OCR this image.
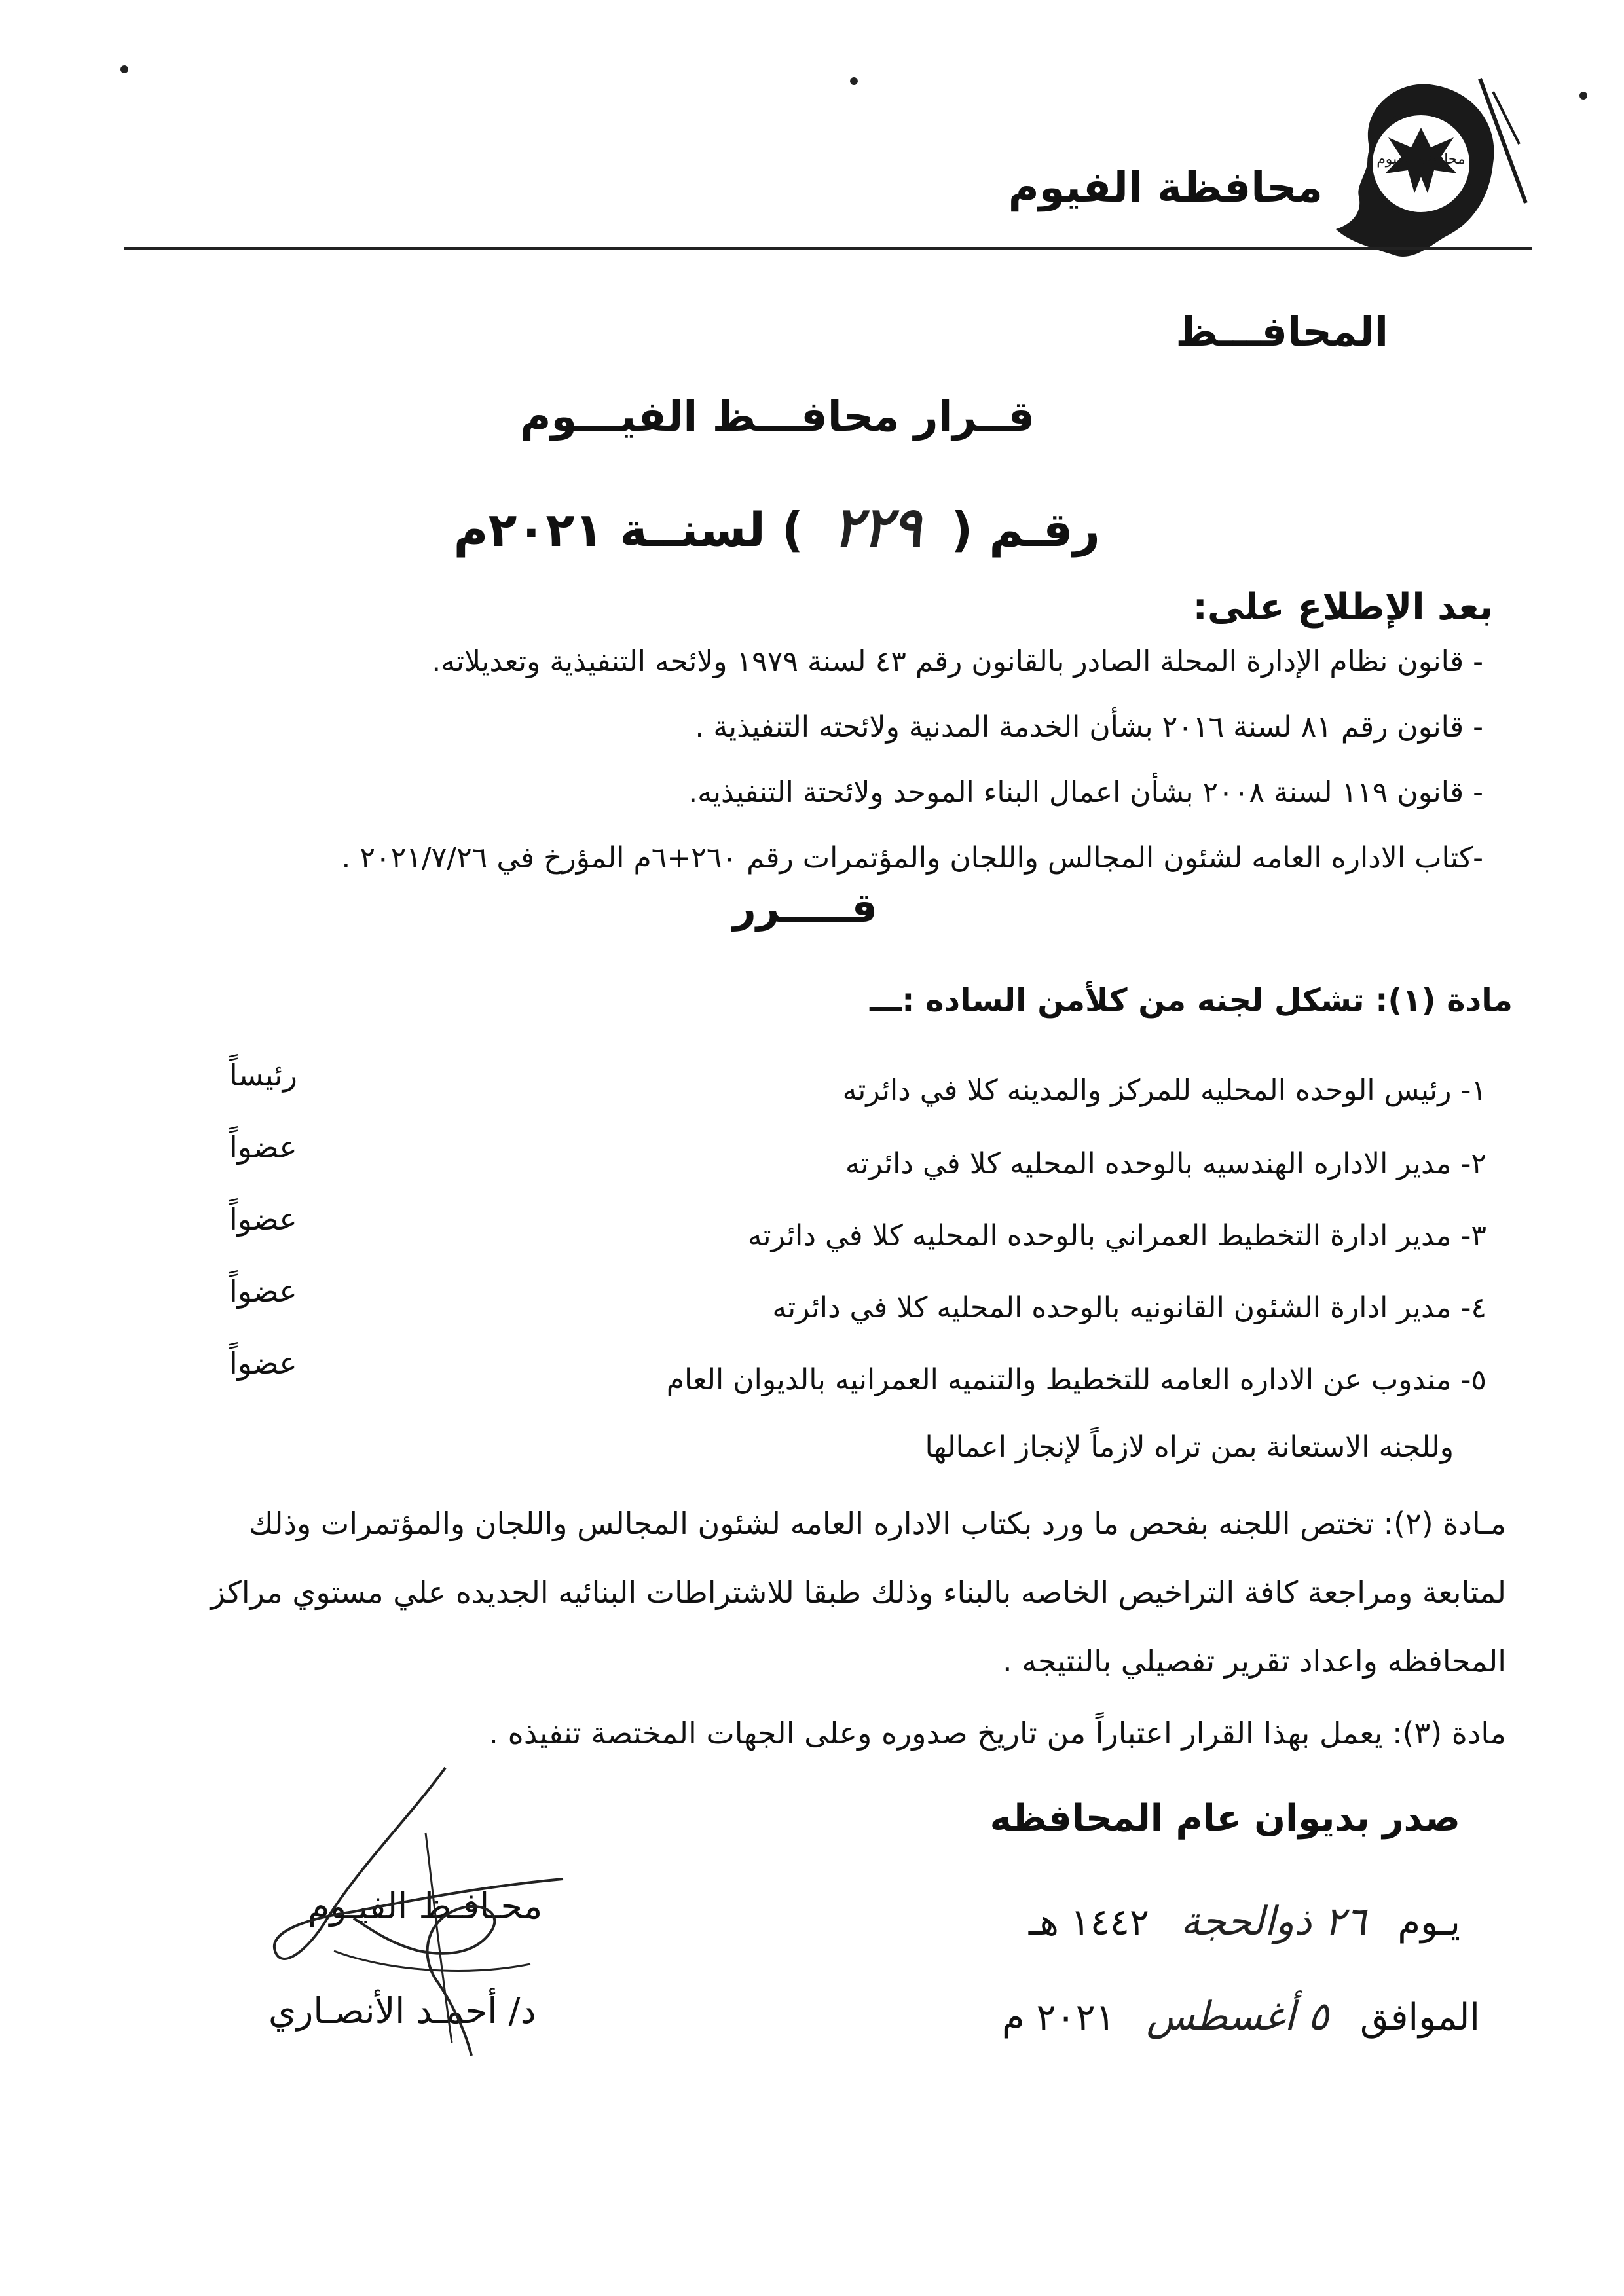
محافظة الفيوم
محافظة الفيوم
المحافـــظ
قــرار محافـــظ الفيـــوم
رقـم ( ٢٢٩ ) لسنــة ٢٠٢١م
بعد الإطلاع على:
- قانون نظام الإدارة المحلة الصادر بالقانون رقم ٤٣ لسنة ١٩٧٩ ولائحه التنفيذية وتعديلاته.
- قانون رقم ٨١ لسنة ٢٠١٦ بشأن الخدمة المدنية ولائحته التنفيذية .
- قانون ١١٩ لسنة ٢٠٠٨ بشأن اعمال البناء الموحد ولائحتة التنفيذيه.
-كتاب الاداره العامه لشئون المجالس واللجان والمؤتمرات رقم ٢٦٠+٦م المؤرخ في ٢٠٢١/٧/٢٦ .
قـــــرر
مادة (١): تشكل لجنه من كلأمن الساده :ـــ
١- رئيس الوحده المحليه للمركز والمدينه كلا في دائرته
رئيساً
٢- مدير الاداره الهندسيه بالوحده المحليه كلا في دائرته
عضواً
٣- مدير ادارة التخطيط العمراني بالوحده المحليه كلا في دائرته
عضواً
٤- مدير ادارة الشئون القانونيه بالوحده المحليه كلا في دائرته
عضواً
٥- مندوب عن الاداره العامه للتخطيط والتنميه العمرانيه بالديوان العام
عضواً
وللجنه الاستعانة بمن تراه لازماً لإنجاز اعمالها
مـادة (٢): تختص اللجنه بفحص ما ورد بكتاب الاداره العامه لشئون المجالس واللجان والمؤتمرات وذلك
لمتابعة ومراجعة كافة التراخيص الخاصه بالبناء وذلك طبقا للاشتراطات البنائيه الجديده علي مستوي مراكز
المحافظه واعداد تقرير تفصيلي بالنتيجه .
مادة (٣): يعمل بهذا القرار اعتباراً من تاريخ صدوره وعلى الجهات المختصة تنفيذه .
صدر بديوان عام المحافظه
يـوم ٢٦ ذوالحجة ١٤٤٢ هـ
الموافق ٥ أغسطس ٢٠٢١ م
محـافـظ الفيـوم
د/ أحمـد الأنصـاري
